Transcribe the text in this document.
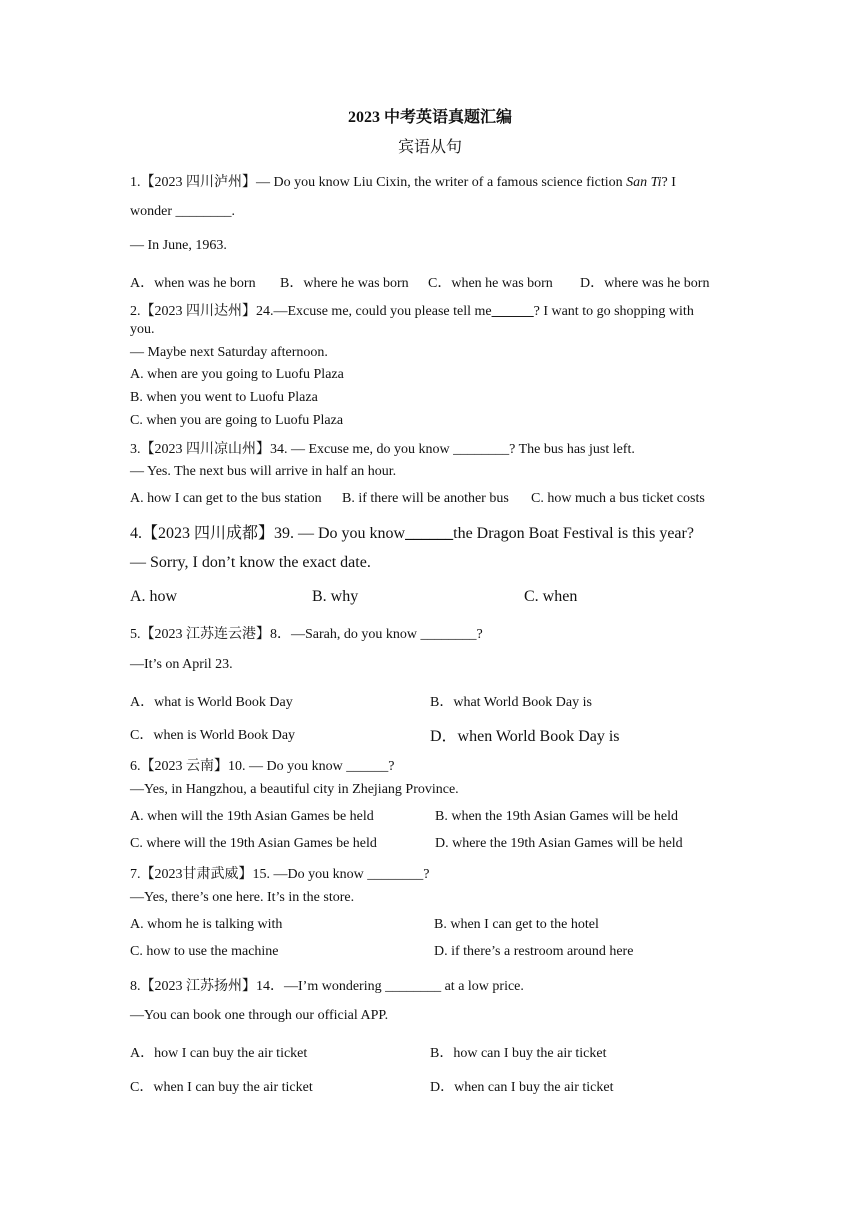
2023 中考英语真题汇编
宾语从句
1.【2023 四川泸州】— Do you know Liu Cixin, the writer of a famous science fiction San Ti? I
wonder ________.
— In June, 1963.
A．when was he born B．where he was born C．when he was born D．where was he born
2.【2023 四川达州】24.—Excuse me, could you please tell me______? I want to go shopping with
you.
— Maybe next Saturday afternoon.
A. when are you going to Luofu Plaza
B. when you went to Luofu Plaza
C. when you are going to Luofu Plaza
3.【2023 四川凉山州】34. — Excuse me, do you know ________? The bus has just left.
— Yes. The next bus will arrive in half an hour.
A. how I can get to the bus station B. if there will be another bus C. how much a bus ticket costs
4.【2023 四川成都】39. — Do you know______the Dragon Boat Festival is this year?
— Sorry, I don’t know the exact date.
A. how	B. why	C. when
5.【2023 江苏连云港】8．—Sarah, do you know ________?
—It’s on April 23.
A．what is World Book Day	B．what World Book Day is
C．when is World Book Day	D．when World Book Day is
6.【2023 云南】10. — Do you know ______?
—Yes, in Hangzhou, a beautiful city in Zhejiang Province.
A. when will the 19th Asian Games be held	B. when the 19th Asian Games will be held
C. where will the 19th Asian Games be held	D. where the 19th Asian Games will be held
7.【2023甘肃武威】15. —Do you know ________?
—Yes, there’s one here. It’s in the store.
A. whom he is talking with	B. when I can get to the hotel
C. how to use the machine	D. if there’s a restroom around here
8.【2023 江苏扬州】14．—I’m wondering ________ at a low price.
—You can book one through our official APP.
A．how I can buy the air ticket	B．how can I buy the air ticket
C．when I can buy the air ticket	D．when can I buy the air ticket
